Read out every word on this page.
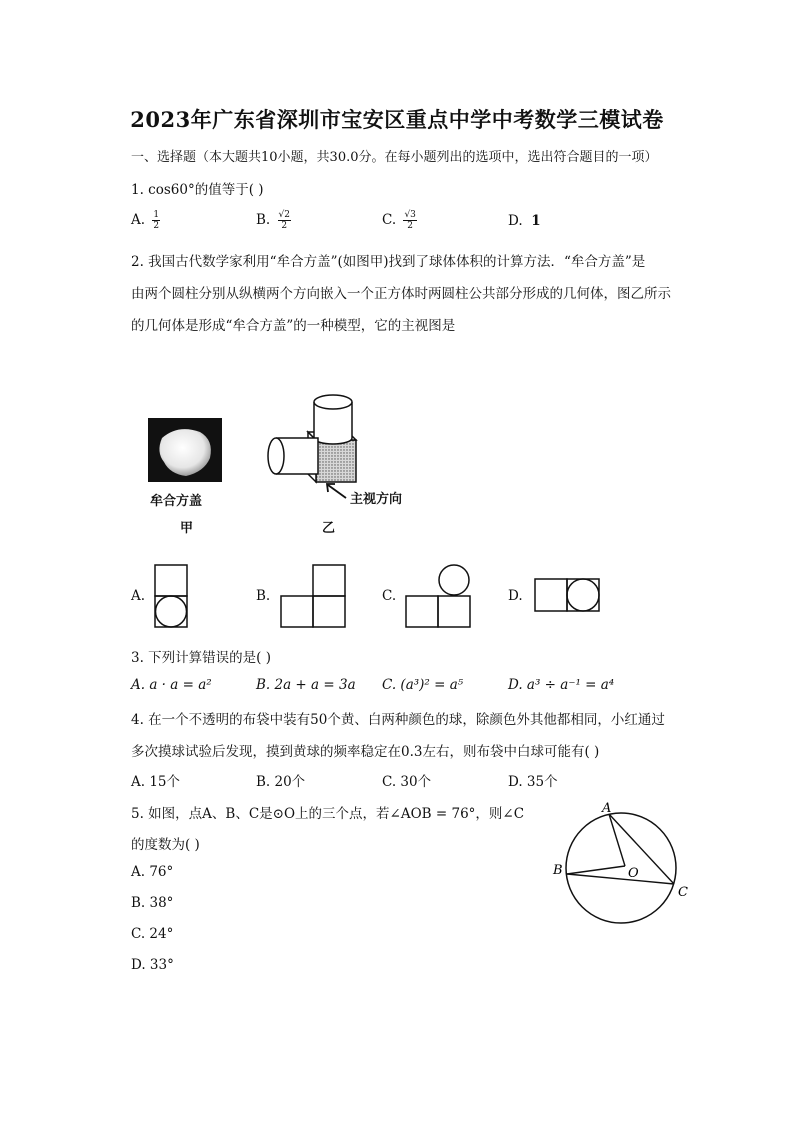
2023年广东省深圳市宝安区重点中学中考数学三模试卷
一、选择题（本大题共10小题，共30.0分。在每小题列出的选项中，选出符合题目的一项）
1. cos60°的值等于( )
A. $\frac{1}{2}$	B. $\frac{√2}{2}$	C. $\frac{√3}{2}$	D. 1
2. 我国古代数学家利用“牟合方盖”(如图甲)找到了球体体积的计算方法．“牟合方盖”是
由两个圆柱分别从纵横两个方向嵌入一个正方体时两圆柱公共部分形成的几何体，图乙所示
的几何体是形成“牟合方盖”的一种模型，它的主视图是
牟合方盖
甲
主视方向
乙
A.	B.	C.	D.
3. 下列计算错误的是( )
A. a · a = a²	B. 2a + a = 3a C. (a³)² = a⁵	D. a³ ÷ a⁻¹ = a⁴
4. 在一个不透明的布袋中装有50个黄、白两种颜色的球，除颜色外其他都相同，小红通过
多次摸球试验后发现，摸到黄球的频率稳定在0.3左右，则布袋中白球可能有( )
A. 15个	B. 20个	C. 30个	D. 35个
5. 如图，点A、B、C是⊙O上的三个点，若∠AOB = 76°，则∠C
的度数为( )
A. 76°
B. 38°
C. 24°
D. 33°
A
B
C
O
